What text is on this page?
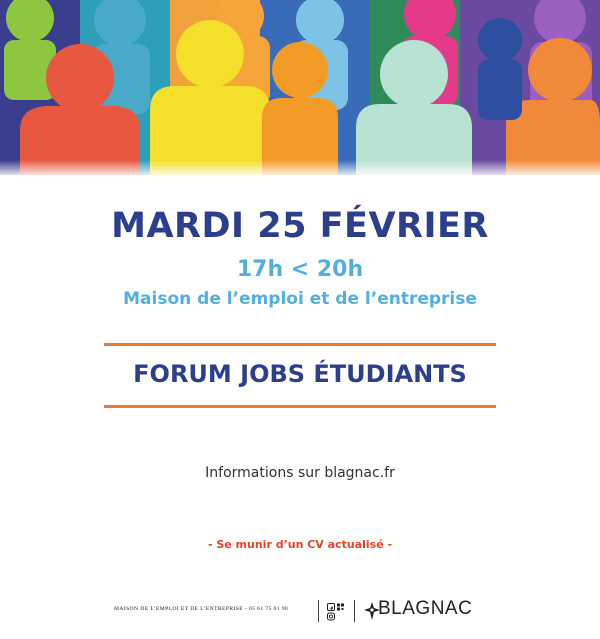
MARDI 25 FÉVRIER
17h < 20h
Maison de l’emploi et de l’entreprise
FORUM JOBS ÉTUDIANTS
Informations sur blagnac.fr
- Se munir d’un CV actualisé -
MAISON DE L’EMPLOI ET DE L’ENTREPRISE - 05 61 75 01 90	BLAGNAC
